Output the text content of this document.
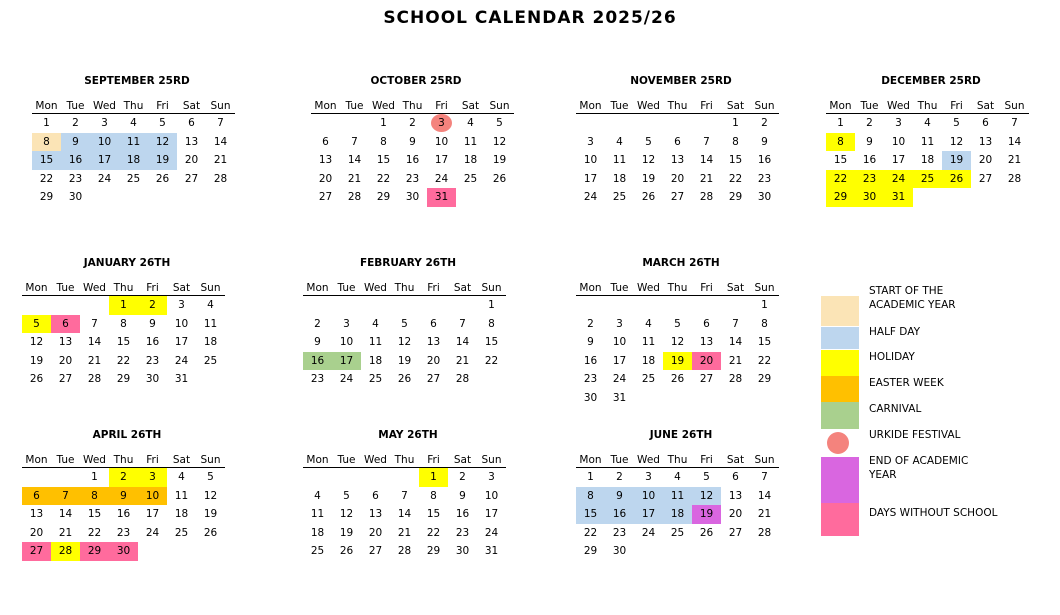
SCHOOL CALENDAR 2025/26
SEPTEMBER 25RD
Mon	Tue	Wed	Thu	Fri	Sat	Sun
1	2	3	4	5	6	7
8	9	10	11	12	13	14
15	16	17	18	19	20	21
22	23	24	25	26	27	28
29	30					
OCTOBER 25RD
Mon	Tue	Wed	Thu	Fri	Sat	Sun
		1	2	3	4	5
6	7	8	9	10	11	12
13	14	15	16	17	18	19
20	21	22	23	24	25	26
27	28	29	30	31		
NOVEMBER 25RD
Mon	Tue	Wed	Thu	Fri	Sat	Sun
					1	2
3	4	5	6	7	8	9
10	11	12	13	14	15	16
17	18	19	20	21	22	23
24	25	26	27	28	29	30
DECEMBER 25RD
Mon	Tue	Wed	Thu	Fri	Sat	Sun
1	2	3	4	5	6	7
8	9	10	11	12	13	14
15	16	17	18	19	20	21
22	23	24	25	26	27	28
29	30	31				
JANUARY 26TH
Mon	Tue	Wed	Thu	Fri	Sat	Sun
			1	2	3	4
5	6	7	8	9	10	11
12	13	14	15	16	17	18
19	20	21	22	23	24	25
26	27	28	29	30	31	
FEBRUARY 26TH
Mon	Tue	Wed	Thu	Fri	Sat	Sun
						1
2	3	4	5	6	7	8
9	10	11	12	13	14	15
16	17	18	19	20	21	22
23	24	25	26	27	28	
MARCH 26TH
Mon	Tue	Wed	Thu	Fri	Sat	Sun
						1
2	3	4	5	6	7	8
9	10	11	12	13	14	15
16	17	18	19	20	21	22
23	24	25	26	27	28	29
30	31					
APRIL 26TH
Mon	Tue	Wed	Thu	Fri	Sat	Sun
		1	2	3	4	5
6	7	8	9	10	11	12
13	14	15	16	17	18	19
20	21	22	23	24	25	26
27	28	29	30			
MAY 26TH
Mon	Tue	Wed	Thu	Fri	Sat	Sun
				1	2	3
4	5	6	7	8	9	10
11	12	13	14	15	16	17
18	19	20	21	22	23	24
25	26	27	28	29	30	31
JUNE 26TH
Mon	Tue	Wed	Thu	Fri	Sat	Sun
1	2	3	4	5	6	7
8	9	10	11	12	13	14
15	16	17	18	19	20	21
22	23	24	25	26	27	28
29	30					
START OF THE ACADEMIC YEAR
HALF DAY
HOLIDAY
EASTER WEEK
CARNIVAL
URKIDE FESTIVAL
END OF ACADEMIC YEAR
DAYS WITHOUT SCHOOL
